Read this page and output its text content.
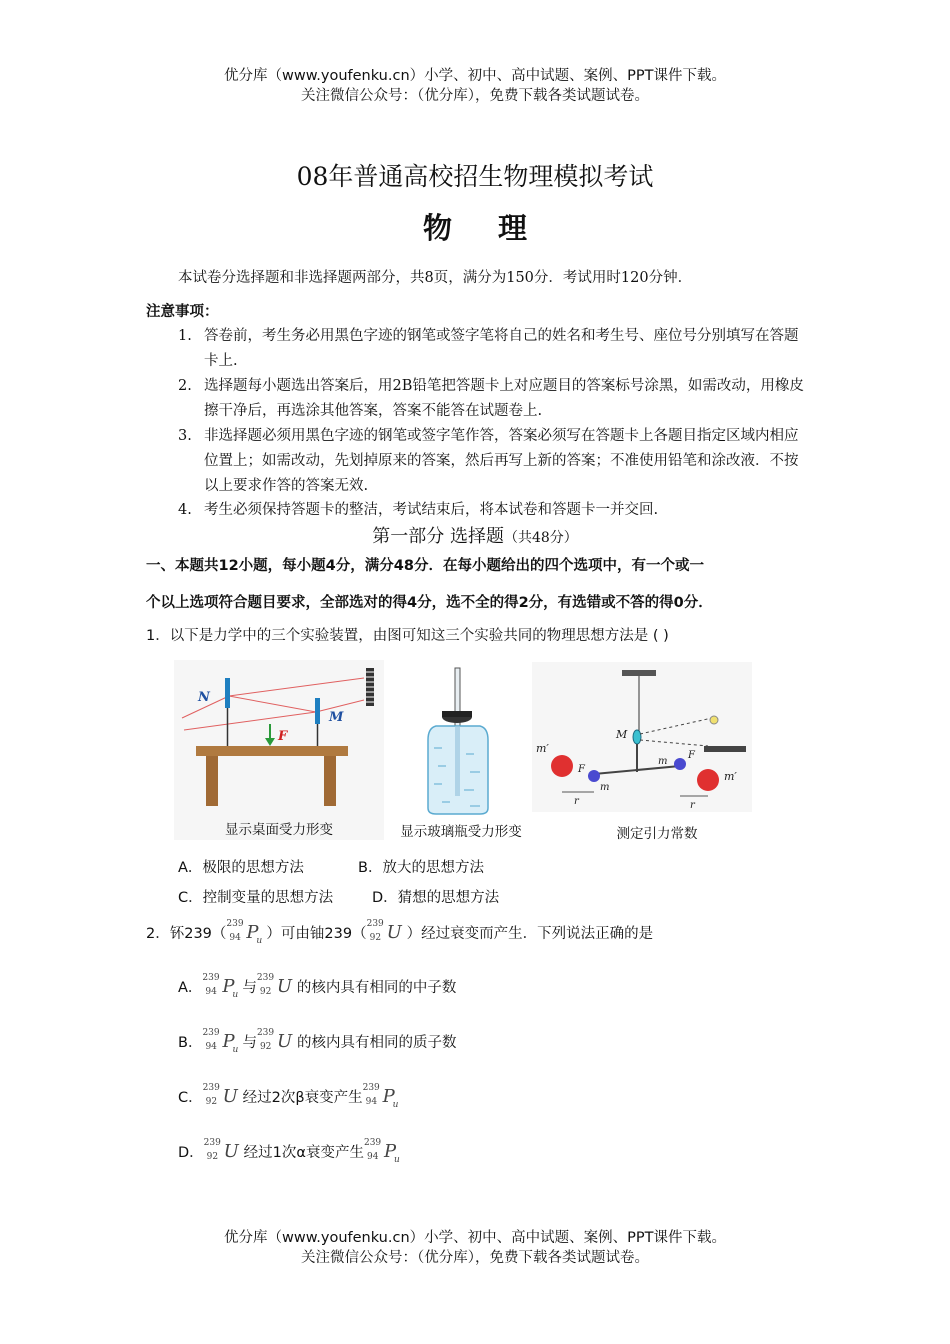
优分库（www.youfenku.cn）小学、初中、高中试题、案例、PPT课件下载。
关注微信公众号：（优分库），免费下载各类试题试卷。
08年普通高校招生物理模拟考试
物 理
本试卷分选择题和非选择题两部分，共8页，满分为150分．考试用时120分钟．
注意事项：
1. 答卷前，考生务必用黑色字迹的钢笔或签字笔将自己的姓名和考生号、座位号分别填写在答题卡上.
2. 选择题每小题选出答案后，用2B铅笔把答题卡上对应题目的答案标号涂黑，如需改动，用橡皮擦干净后，再选涂其他答案，答案不能答在试题卷上.
3. 非选择题必须用黑色字迹的钢笔或签字笔作答，答案必须写在答题卡上各题目指定区域内相应位置上；如需改动，先划掉原来的答案，然后再写上新的答案；不准使用铅笔和涂改液．不按以上要求作答的答案无效.
4. 考生必须保持答题卡的整洁，考试结束后，将本试卷和答题卡一并交回.
第一部分 选择题（共48分）
一、本题共12小题，每小题4分，满分48分．在每小题给出的四个选项中，有一个或一
个以上选项符合题目要求，全部选对的得4分，选不全的得2分，有选错或不答的得0分．
1．以下是力学中的三个实验装置，由图可知这三个实验共同的物理思想方法是 ( )
N
M
F
显示桌面受力形变	显示玻璃瓶受力形变
M
m′
m′
m
m
F
F
r	r
测定引力常数
A．极限的思想方法	B．放大的思想方法
C．控制变量的思想方法	D．猜想的思想方法
2．钚239（
239
94 P
u ）可由铀239（
239
92 U ）经过衰变而产生．下列说法正确的是
A．
239
94 P
u 与
239
92 U 的核内具有相同的中子数
B．
239
94 P
u 与
239
92 U 的核内具有相同的质子数
C．
239
92 U 经过2次β衰变产生
239
94 P
u
D．
239
92 U 经过1次α衰变产生
239
94 P
u
优分库（www.youfenku.cn）小学、初中、高中试题、案例、PPT课件下载。
关注微信公众号：（优分库），免费下载各类试题试卷。
